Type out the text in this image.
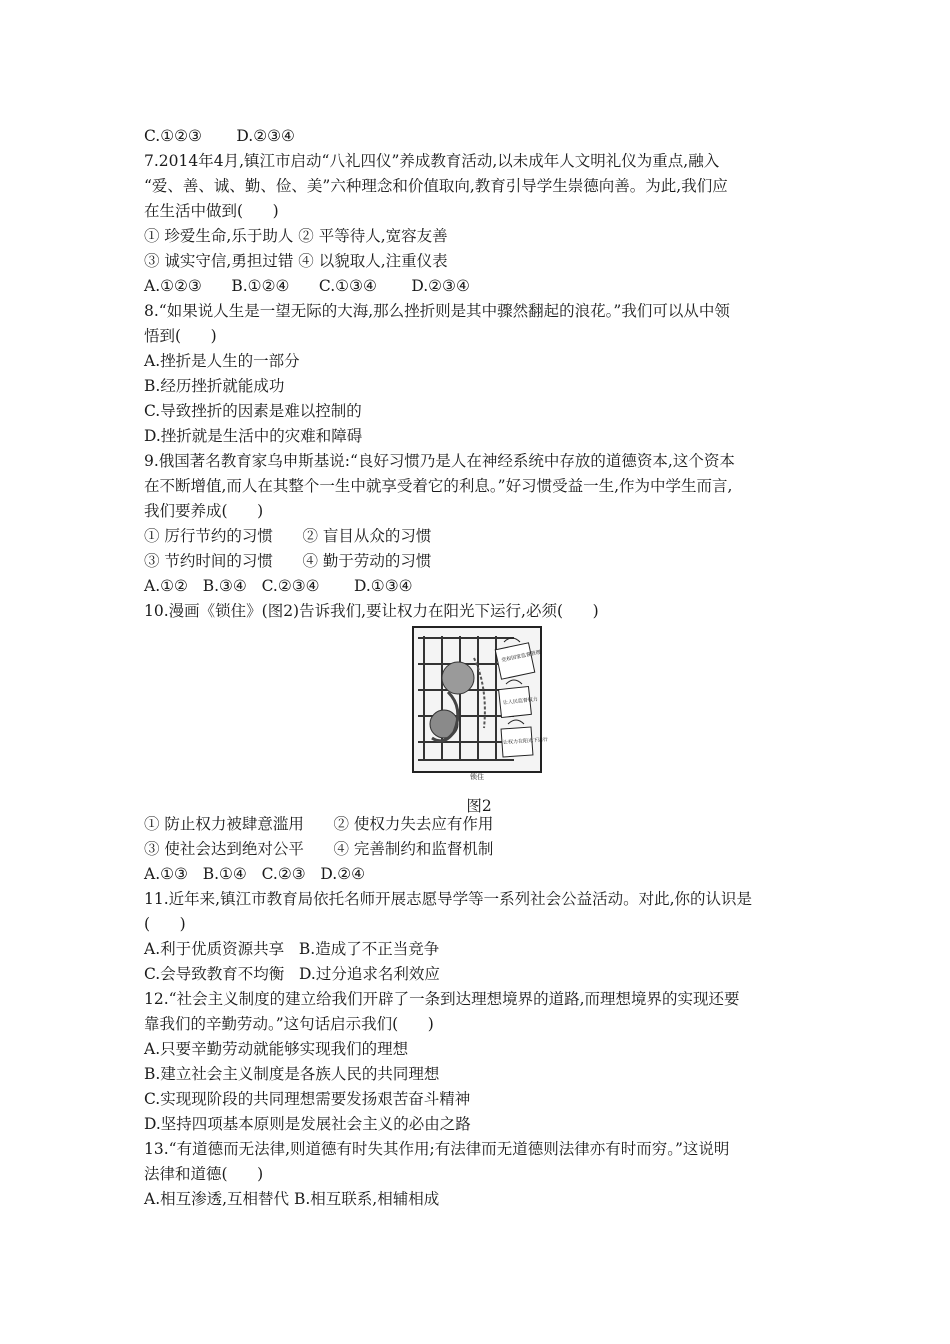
C.①②③       D.②③④
7.2014年4月,镇江市启动“八礼四仪”养成教育活动,以未成年人文明礼仪为重点,融入
“爱、善、诚、勤、俭、美”六种理念和价值取向,教育引导学生崇德向善。为此,我们应
在生活中做到(      )
① 珍爱生命,乐于助人 ② 平等待人,宽容友善
③ 诚实守信,勇担过错 ④ 以貌取人,注重仪表
A.①②③      B.①②④      C.①③④       D.②③④
8.“如果说人生是一望无际的大海,那么挫折则是其中骤然翻起的浪花。”我们可以从中领
悟到(      )
A.挫折是人生的一部分
B.经历挫折就能成功
C.导致挫折的因素是难以控制的
D.挫折就是生活中的灾难和障碍
9.俄国著名教育家乌申斯基说:“良好习惯乃是人在神经系统中存放的道德资本,这个资本
在不断增值,而人在其整个一生中就享受着它的利息。”好习惯受益一生,作为中学生而言,
我们要养成(      )
① 厉行节约的习惯      ② 盲目从众的习惯
③ 节约时间的习惯      ④ 勤于劳动的习惯
A.①②   B.③④   C.②③④       D.①③④
10.漫画《锁住》(图2)告诉我们,要让权力在阳光下运行,必须(      )
党和国家监督管理
让人民监督权力
让权力在阳光下运行
锁住
图2
① 防止权力被肆意滥用      ② 使权力失去应有作用
③ 使社会达到绝对公平      ④ 完善制约和监督机制
A.①③   B.①④   C.②③   D.②④
11.近年来,镇江市教育局依托名师开展志愿导学等一系列社会公益活动。对此,你的认识是
(      )
A.利于优质资源共享   B.造成了不正当竞争
C.会导致教育不均衡   D.过分追求名利效应
12.“社会主义制度的建立给我们开辟了一条到达理想境界的道路,而理想境界的实现还要
靠我们的辛勤劳动。”这句话启示我们(      )
A.只要辛勤劳动就能够实现我们的理想
B.建立社会主义制度是各族人民的共同理想
C.实现现阶段的共同理想需要发扬艰苦奋斗精神
D.坚持四项基本原则是发展社会主义的必由之路
13.“有道德而无法律,则道德有时失其作用;有法律而无道德则法律亦有时而穷。”这说明
法律和道德(      )
A.相互渗透,互相替代 B.相互联系,相辅相成
